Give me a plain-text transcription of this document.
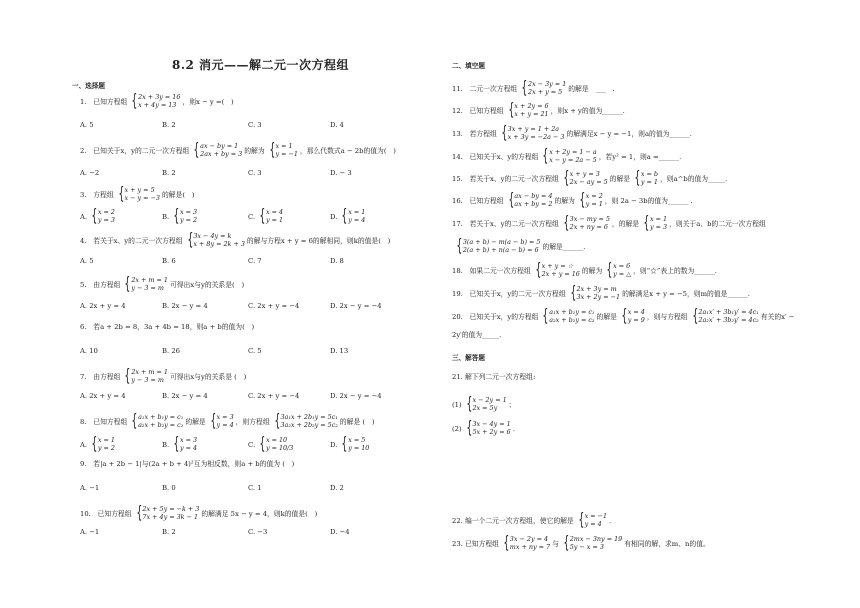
8.2 消元——解二元一次方程组
一、选择题
1.　已知方程组 { 2x + 3y = 16
x + 4y = 13 ，则x − y =(　)
A. 5	B. 2	C. 3	D. 4
2.　已知关于x，y的二元一次方程组 { ax − by = 1
2ax + by = 3 的解为 { x = 1
y = −1 ，那么代数式a − 2b的值为(　)
A. −2	B. 2	C. 3	D. − 3
3.　方程组 { x + y = 5
x − y = −3 的解是(　)
A. { x = 2
y = 3	B. { x = 3
y = 2	C. { x = 4
y = 1	D. { x = 1
y = 4
4.　若关于x、y的二元一次方程组 { 3x − 4y = k
x + 8y = 2k + 3 的解与方程x + y = 6的解相同，则k的值是(　)
A. 5	B. 6	C. 7	D. 8
5.　由方程组 { 2x + m = 1
y − 3 = m 可得出x与y的关系是(　)
A. 2x + y = 4	B. 2x − y = 4	C. 2x + y = −4	D. 2x − y = −4
6.　若a + 2b = 8，3a + 4b = 18，则a + b的值为(　)
A. 10	B. 26	C. 5	D. 13
7.　由方程组 { 2x + m = 1
y − 3 = m 可得出x与y的关系是 (　)
A. 2x + y = 4	B. 2x − y = 4	C. 2x + y = −4	D. 2x − y = −4
8.　已知方程组 { a₁x + b₁y = c₁
a₂x + b₂y = c₂ 的解是 { x = 3
y = 4 ，则方程组 { 3a₁x + 2b₁y = 5c₁
3a₂x + 2b₂y = 5c₂ 的解是 (　)
A. { x = 1
y = 2	B. { x = 3
y = 4	C. { x = 10
y = 10/3	D. { x = 5
y = 10
9.　若|a + 2b − 1|与(2a + b + 4)²互为相反数，则a + b的值为 (　)
A. −1	B. 0	C. 1	D. 2
10.　已知方程组 { 2x + 5y = −k + 3
7x + 4y = 3k − 1 的解满足 5x − y = 4，则k的值是(　)
A. −1	B. 2	C. −3	D. −4
二、填空题
11.　二元一次方程组 { 2x − 3y = 1
2x + y = 5 的解是　___　.
12.　已知方程组 { x + 2y = 6
x + y = 21 ，则x + y的值为______.
13.　若方程组 { 3x + y = 1 + 2a
x + 3y = −2a − 3 的解满足x − y = −1，则a的值为______.
14.　已知关于x、y的方程组 { x + 2y = 1 − a
x − y = 2a − 5 ，若y² = 1，则a =______.
15.　若关于x、y的二元一次方程组 { x + y = 3
2x − ay = 5 的解是 { x = b
y = 1 ，则a^b的值为_____.
16.　已知方程组 { ax − by = 4
ax + by = 2 的解为 { x = 2
y = 1 ，则 2a − 3b的值为______ .
17.　若关于x、y的二元一次方程组 { 3x − my = 5
2x + ny = 6 ，的解是 { x = 1
y = 3 ，则关于a、b的二元一次方程组
{ 3(a + b) − m(a − b) = 5
2(a + b) + n(a − b) = 6 的解是______.
18.　如果二元一次方程组 { x + y = ☆
2x + y = 16 的解为 { x = 6
y = △ ，则“☆”表上的数为______.
19.　已知关于x，y的二元一次方程组 { 2x + 3y = m
3x + 2y = −1 的解满足x + y = −5，则m的值是______.
20.　已知关于x，y的方程组 { a₁x + b₁y = c₁
a₂x + b₂y = c₂ 的解是 { x = 4
y = 9 ，则与方程组 { 2a₁x′ + 3b₁y′ = 4c₁
2a₂x′ + 3b₂y′ = 4c₂ 有关的x′ −
2y′的值为_____.
三、解答题
21. 解下列二元一次方程组:
(1) { x − 2y = 1
2x = 5y	；
(2) { 3x − 4y = 1
5x + 2y = 6 .
22. 编一个二元一次方程组，使它的解是 { x = −1
y = 4	.
23. 已知方程组 { 3x − 2y = 4
mx + ny = 7 与 { 2mx − 3ny = 19
5y − x = 3	有相同的解，求m、n的值。
